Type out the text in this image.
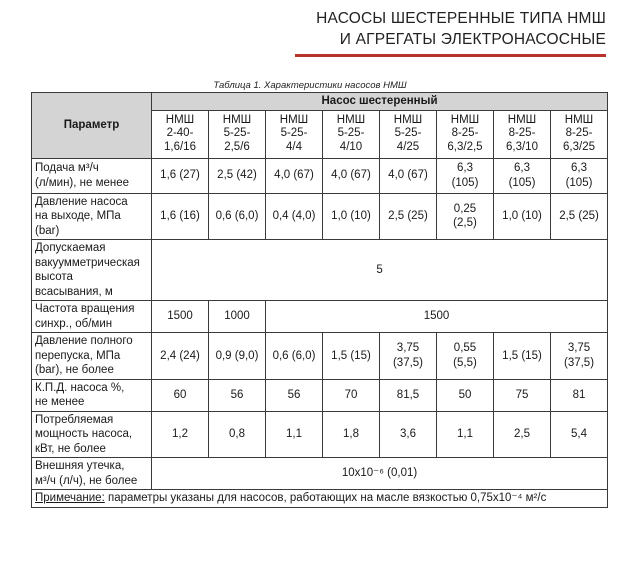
НАСОСЫ ШЕСТЕРЕННЫЕ ТИПА НМШ
И АГРЕГАТЫ ЭЛЕКТРОНАСОСНЫЕ
Таблица 1. Характеристики насосов НМШ
Параметр	Насос шестеренный							
	НМШ
2-40-
1,6/16	НМШ
5-25-
2,5/6	НМШ
5-25-
4/4	НМШ
5-25-
4/10	НМШ
5-25-
4/25	НМШ
8-25-
6,3/2,5	НМШ
8-25-
6,3/10	НМШ
8-25-
6,3/25
Подача м³/ч
(л/мин), не менее	1,6 (27)	2,5 (42)	4,0 (67)	4,0 (67)	4,0 (67)	6,3
(105)	6,3
(105)	6,3
(105)
Давление насоса
на выходе, МПа
(bar)	1,6 (16)	0,6 (6,0)	0,4 (4,0)	1,0 (10)	2,5 (25)	0,25
(2,5)	1,0 (10)	2,5 (25)
Допускаемая
вакуумметрическая
высота
всасывания, м	5							
Частота вращения
синхр., об/мин	1500	1000	1500					
Давление полного
перепуска, МПа
(bar), не более	2,4 (24)	0,9 (9,0)	0,6 (6,0)	1,5 (15)	3,75
(37,5)	0,55
(5,5)	1,5 (15)	3,75
(37,5)
К.П.Д. насоса %,
не менее	60	56	56	70	81,5	50	75	81
Потребляемая
мощность насоса,
кВт, не более	1,2	0,8	1,1	1,8	3,6	1,1	2,5	5,4
Внешняя утечка,
м³/ч (л/ч), не более	10x10⁻⁶ (0,01)							
Примечание: параметры указаны для насосов, работающих на масле вязкостью 0,75x10⁻⁴ м²/с								
